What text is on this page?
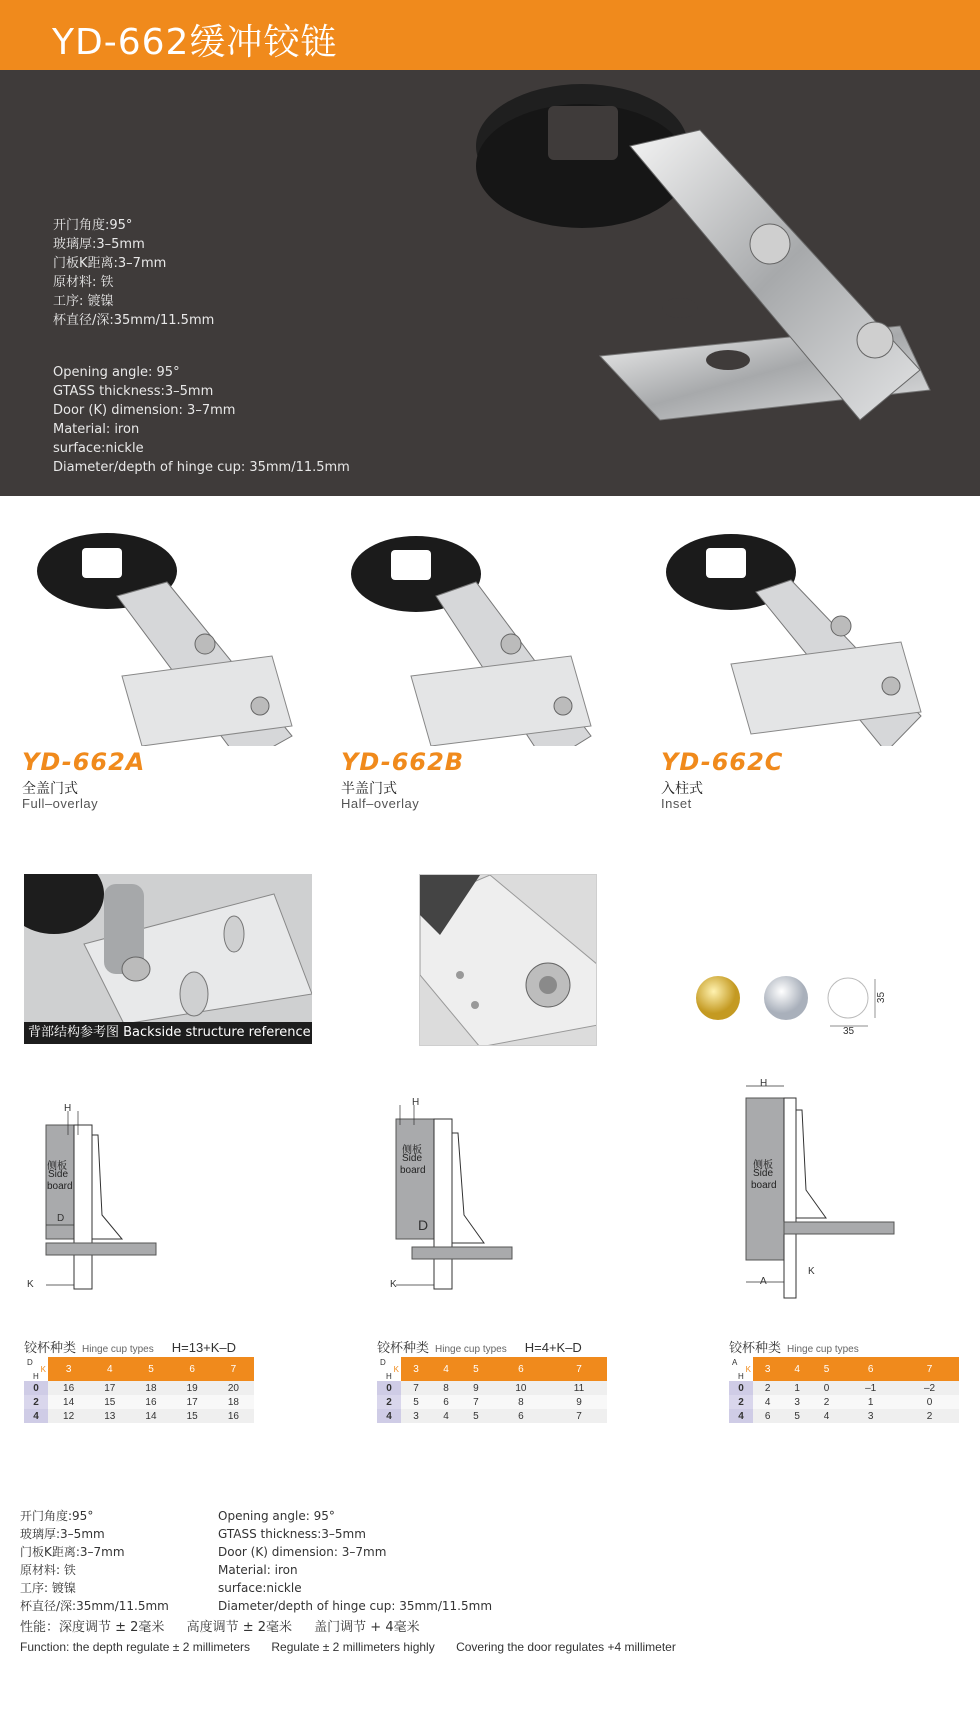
YD-662缓冲铰链
开门角度:95°
玻璃厚:3–5mm
门板K距离:3–7mm
原材料: 铁
工序: 镀镍
杯直径/深:35mm/11.5mm
Opening angle: 95°
GTASS thickness:3–5mm
Door (K) dimension: 3–7mm
Material: iron
surface:nickle
Diameter/depth of hinge cup: 35mm/11.5mm
YD-662A
全盖门式
Full–overlay
YD-662B
半盖门式
Half–overlay
YD-662C
入柱式
Inset
背部结构参考图 Backside structure reference	35
35
H
侧板
Side
board
D
K
H
侧板
Side
board
D
K
H
侧板
Side
board
K
A
铰杯种类 Hinge cup types H=13+K–D
D
K
H	3	4	5	6	7
0	16	17	18	19	20
2	14	15	16	17	18
4	12	13	14	15	16
铰杯种类 Hinge cup types H=4+K–D
D
K
H	3	4	5	6	7
0	7	8	9	10	11
2	5	6	7	8	9
4	3	4	5	6	7
铰杯种类 Hinge cup types
A
K
H	3	4	5	6	7
0	2	1	0	–1	–2
2	4	3	2	1	0
4	6	5	4	3	2
开门角度:95°
玻璃厚:3–5mm
门板K距离:3–7mm
原材料: 铁
工序: 镀镍
杯直径/深:35mm/11.5mm
Opening angle: 95°
GTASS thickness:3–5mm
Door (K) dimension: 3–7mm
Material: iron
surface:nickle
Diameter/depth of hinge cup: 35mm/11.5mm
性能：深度调节 ± 2毫米 高度调节 ± 2毫米 盖门调节 + 4毫米
Function: the depth regulate ± 2 millimeters Regulate ± 2 millimeters highly Covering the door regulates +4 millimeter
